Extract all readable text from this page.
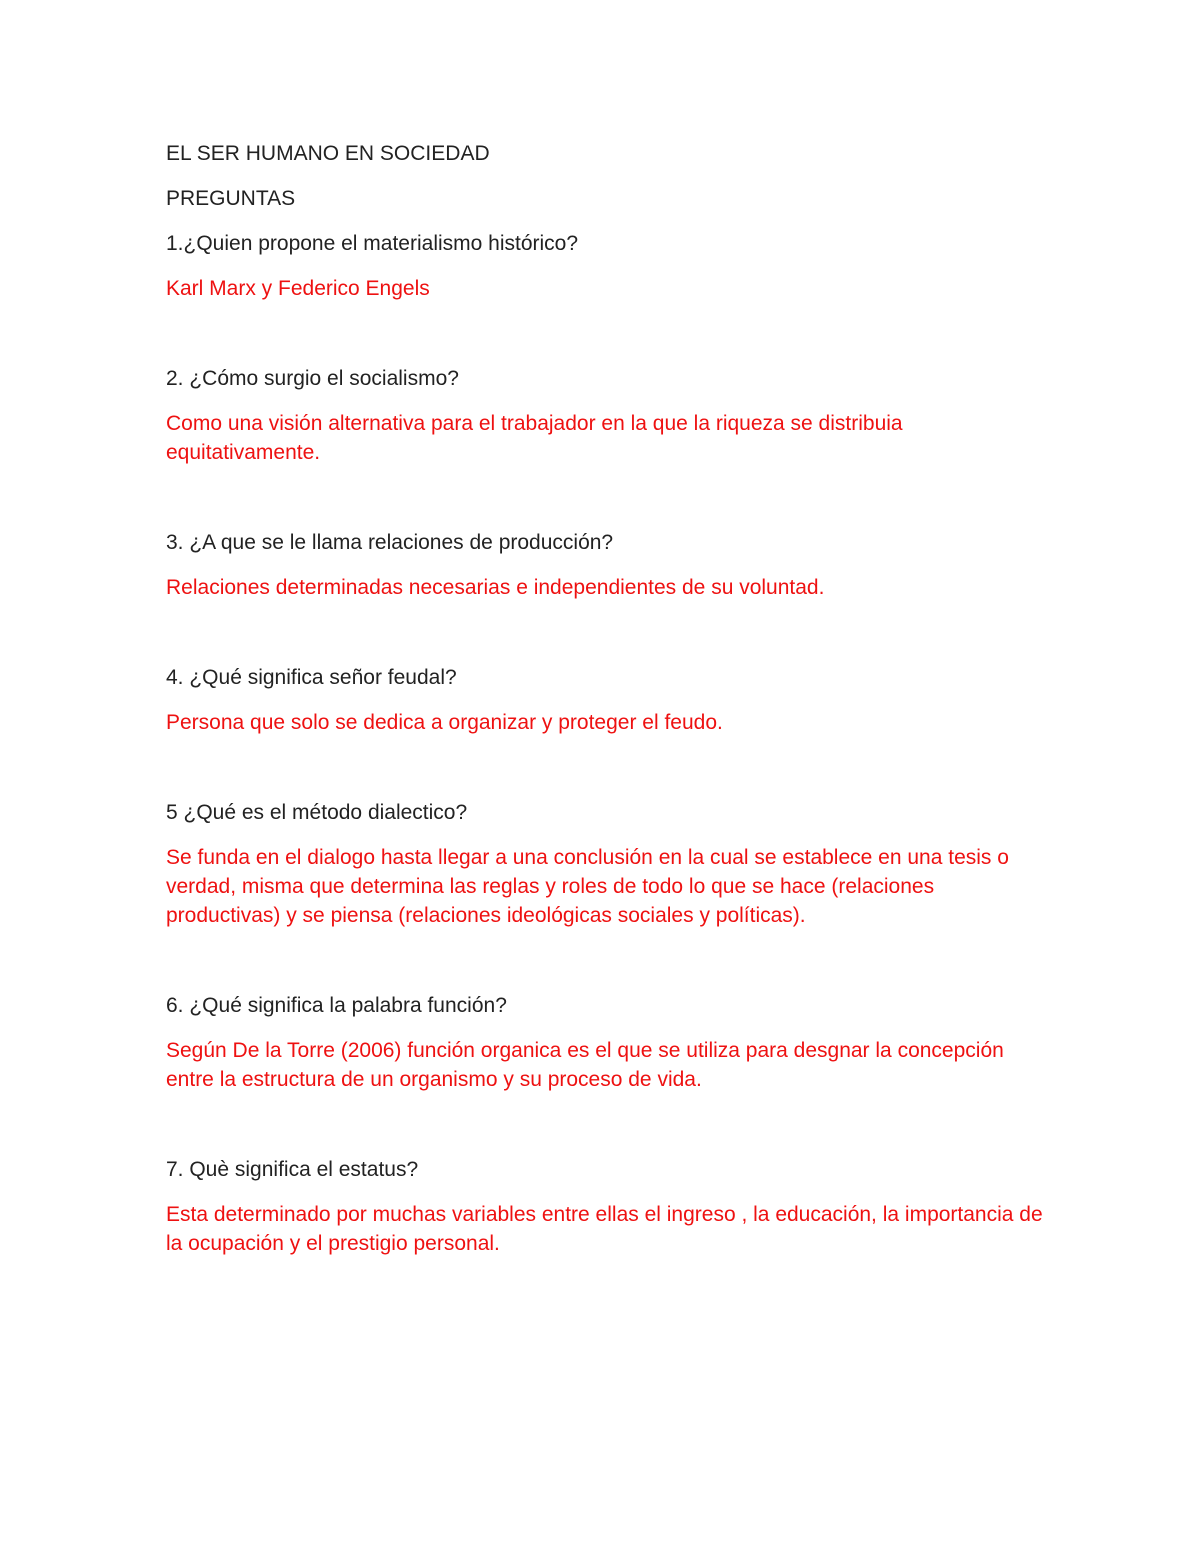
EL SER HUMANO EN SOCIEDAD

PREGUNTAS

1.¿Quien propone el materialismo histórico?

Karl Marx y Federico Engels

2. ¿Cómo surgio el socialismo?

Como una visión alternativa para el trabajador en la que la riqueza se distribuia equitativamente.

3. ¿A que se le llama relaciones de producción?

Relaciones determinadas necesarias e independientes de su voluntad.

4. ¿Qué significa señor feudal?

Persona que solo se dedica a organizar y proteger el feudo.

5 ¿Qué es el método dialectico?

Se funda en el dialogo hasta llegar a una conclusión en la cual se establece en una tesis o verdad, misma que determina las reglas y roles de todo lo que se hace (relaciones productivas) y se piensa (relaciones ideológicas sociales y políticas).

6. ¿Qué significa la palabra función?

Según De la Torre (2006) función organica es el que se utiliza para desgnar la concepción entre la estructura de un organismo y su proceso de vida.

7. Què significa el estatus?

Esta determinado por muchas variables entre ellas el ingreso , la educación, la importancia de la ocupación y el prestigio personal.
